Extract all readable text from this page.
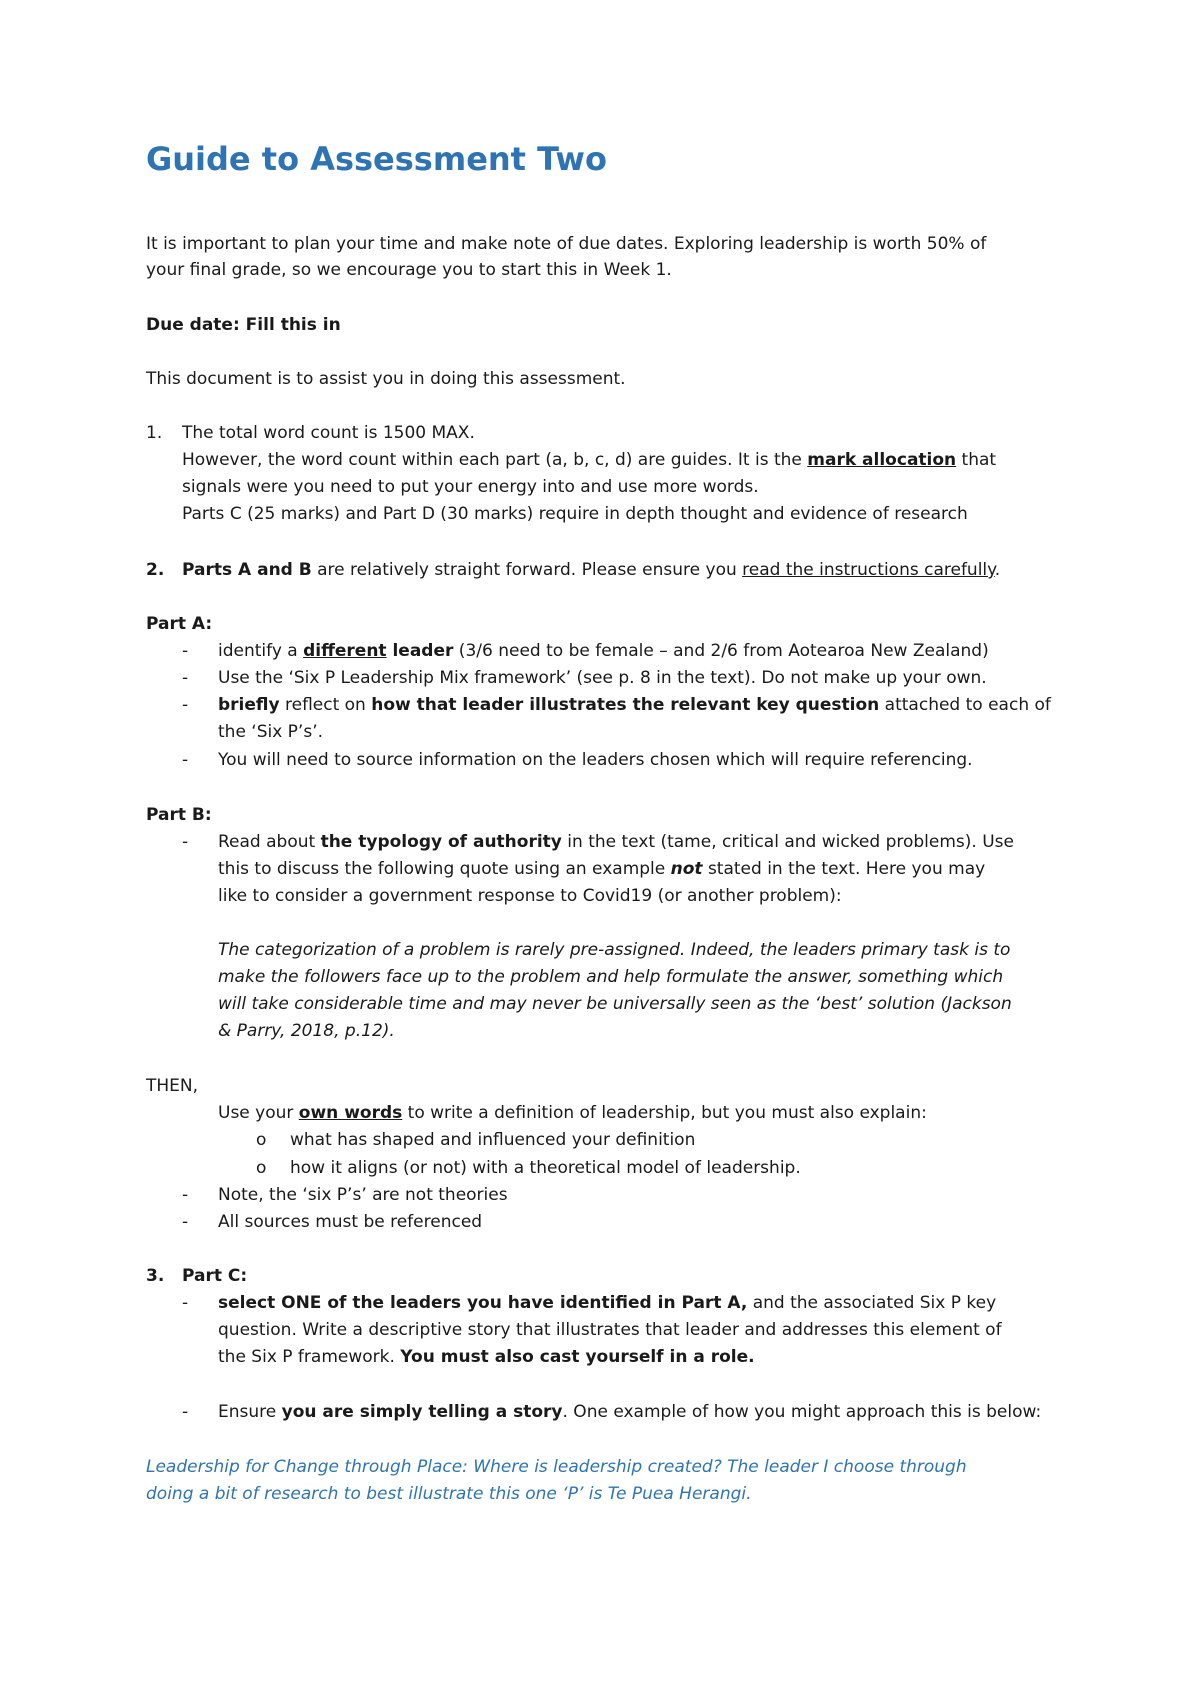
Guide to Assessment Two

It is important to plan your time and make note of due dates. Exploring leadership is worth 50% of

your final grade, so we encourage you to start this in Week 1.

Due date: Fill this in

This document is to assist you in doing this assessment.

1. The total word count is 1500 MAX.

However, the word count within each part (a, b, c, d) are guides. It is the mark allocation that

signals were you need to put your energy into and use more words.

Parts C (25 marks) and Part D (30 marks) require in depth thought and evidence of research

2. Parts A and B are relatively straight forward. Please ensure you read the instructions carefully.

Part A:

- identify a different leader (3/6 need to be female – and 2/6 from Aotearoa New Zealand)

- Use the ‘Six P Leadership Mix framework’ (see p. 8 in the text). Do not make up your own.

- briefly reflect on how that leader illustrates the relevant key question attached to each of

the ‘Six P’s’.

- You will need to source information on the leaders chosen which will require referencing.

Part B:

- Read about the typology of authority in the text (tame, critical and wicked problems). Use

this to discuss the following quote using an example not stated in the text. Here you may

like to consider a government response to Covid19 (or another problem):

The categorization of a problem is rarely pre-assigned. Indeed, the leaders primary task is to

make the followers face up to the problem and help formulate the answer, something which

will take considerable time and may never be universally seen as the ‘best’ solution (Jackson

& Parry, 2018, p.12).

THEN,

Use your own words to write a definition of leadership, but you must also explain:

o what has shaped and influenced your definition

o how it aligns (or not) with a theoretical model of leadership.

- Note, the ‘six P’s’ are not theories

- All sources must be referenced

3. Part C:

- select ONE of the leaders you have identified in Part A, and the associated Six P key

question. Write a descriptive story that illustrates that leader and addresses this element of

the Six P framework. You must also cast yourself in a role.

- Ensure you are simply telling a story. One example of how you might approach this is below:

Leadership for Change through Place: Where is leadership created? The leader I choose through

doing a bit of research to best illustrate this one ‘P’ is Te Puea Herangi.
